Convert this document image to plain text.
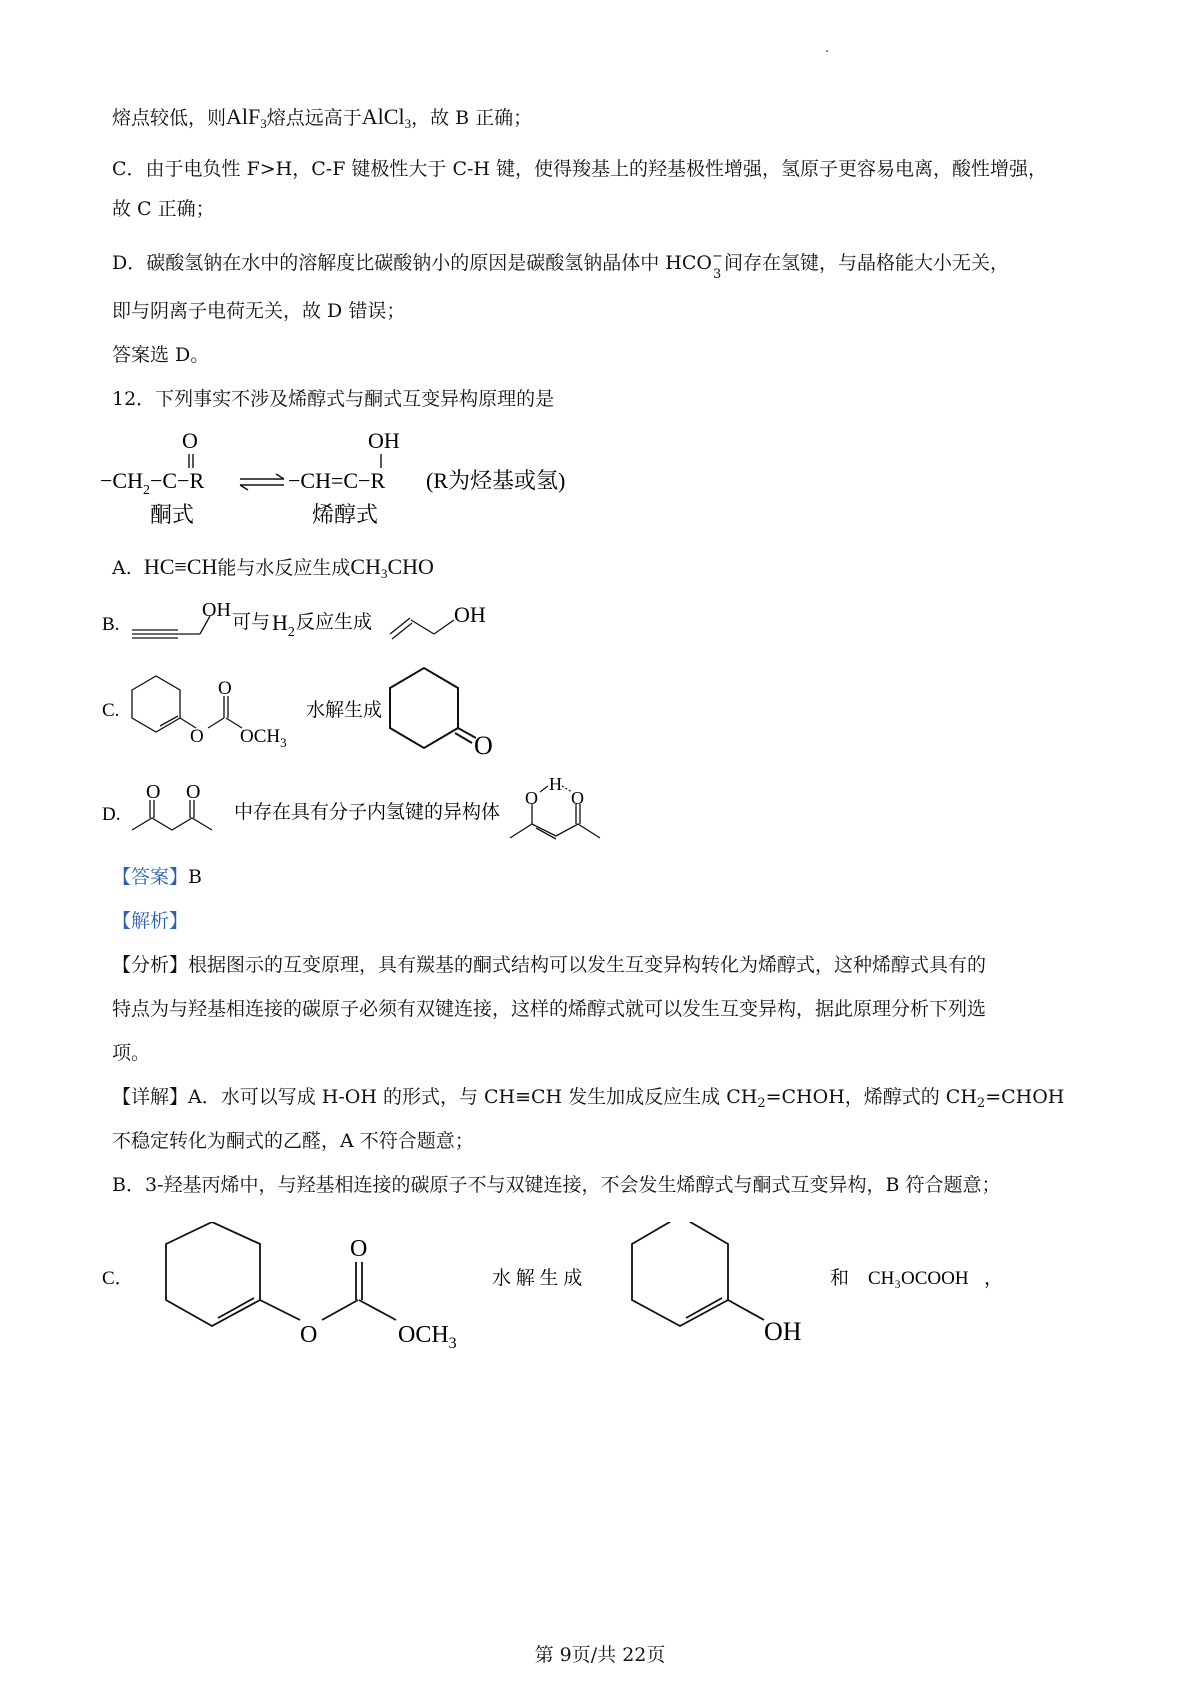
熔点较低，则AlF$_3$熔点远高于AlCl$_3$，故 B 正确；
C．由于电负性 F>H，C-F 键极性大于 C-H 键，使得羧基上的羟基极性增强，氢原子更容易电离，酸性增强，
故 C 正确；
D．碳酸氢钠在水中的溶解度比碳酸钠小的原因是碳酸氢钠晶体中 HCO −
3
间存在氢键，与晶格能大小无关，
即与阴离子电荷无关，故 D 错误；
答案选 D。
12．下列事实不涉及烯醇式与酮式互变异构原理的是
O
$-CH_2-C-R$
酮式
OH
−CH=C−R (R为烃基或氢)
烯醇式
A. HC≡CH能与水反应生成$CH_3CHO$
B.
OH
可与 $H_2$ 反应生成	OH
C.
O
O
$OCH_3$
水解生成
O
D.
O O
中存在具有分子内氢键的异构体
O
H
O
【答案】B
【解析】
【分析】根据图示的互变原理，具有羰基的酮式结构可以发生互变异构转化为烯醇式，这种烯醇式具有的
特点为与羟基相连接的碳原子必须有双键连接，这样的烯醇式就可以发生互变异构，据此原理分析下列选
项。
【详解】A．水可以写成 H-OH 的形式，与 CH≡CH 发生加成反应生成 $CH_2=CHOH$，烯醇式的 $CH_2=CHOH$
不稳定转化为酮式的乙醛，A 不符合题意；
B．3-羟基丙烯中，与羟基相连接的碳原子不与双键连接，不会发生烯醇式与酮式互变异构，B 符合题意；
C．
O
O
$OCH_3$
水 解 生 成
OH
和 CH₃OCOOH ，
第 9页/共 22页
